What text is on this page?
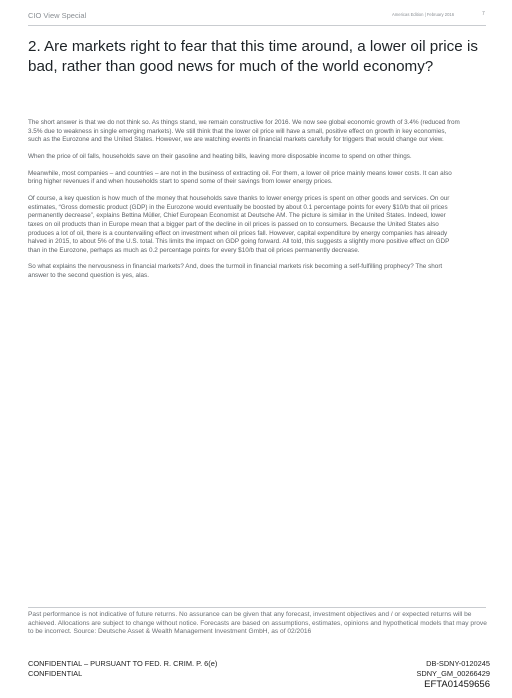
CIO View Special	Americas Edition | February 2016	7
2. Are markets right to fear that this time around, a lower oil price is bad, rather than good news for much of the world economy?

The short answer is that we do not think so. As things stand, we remain constructive for 2016. We now see global economic growth of 3.4% (reduced from 3.5% due to weakness in single emerging markets). We still think that the lower oil price will have a small, positive effect on growth in key economies, such as the Eurozone and the United States. However, we are watching events in financial markets carefully for triggers that would change our view.

When the price of oil falls, households save on their gasoline and heating bills, leaving more disposable income to spend on other things.

Meanwhile, most companies – and countries – are not in the business of extracting oil. For them, a lower oil price mainly means lower costs. It can also bring higher revenues if and when households start to spend some of their savings from lower energy prices.

Of course, a key question is how much of the money that households save thanks to lower energy prices is spent on other goods and services. On our estimates, “Gross domestic product (GDP) in the Eurozone would eventually be boosted by about 0.1 percentage points for every $10/b that oil prices permanently decrease”, explains Bettina Müller, Chief European Economist at Deutsche AM. The picture is similar in the United States. Indeed, lower taxes on oil products than in Europe mean that a bigger part of the decline in oil prices is passed on to consumers. Because the United States also produces a lot of oil, there is a countervailing effect on investment when oil prices fall. However, capital expenditure by energy companies has already halved in 2015, to about 5% of the U.S. total. This limits the impact on GDP going forward. All told, this suggests a slightly more positive effect on GDP than in the Eurozone, perhaps as much as 0.2 percentage points for every $10/b that oil prices permanently decrease.

So what explains the nervousness in financial markets? And, does the turmoil in financial markets risk becoming a self-fulfilling prophecy? The short answer to the second question is yes, alas.

Past performance is not indicative of future returns. No assurance can be given that any forecast, investment objectives and / or expected returns will be achieved. Allocations are subject to change without notice. Forecasts are based on assumptions, estimates, opinions and hypothetical models that may prove to be incorrect. Source: Deutsche Asset & Wealth Management Investment GmbH, as of 02/2016
CONFIDENTIAL – PURSUANT TO FED. R. CRIM. P. 6(e)
CONFIDENTIAL
DB-SDNY-0120245
SDNY_GM_00266429
EFTA01459656
